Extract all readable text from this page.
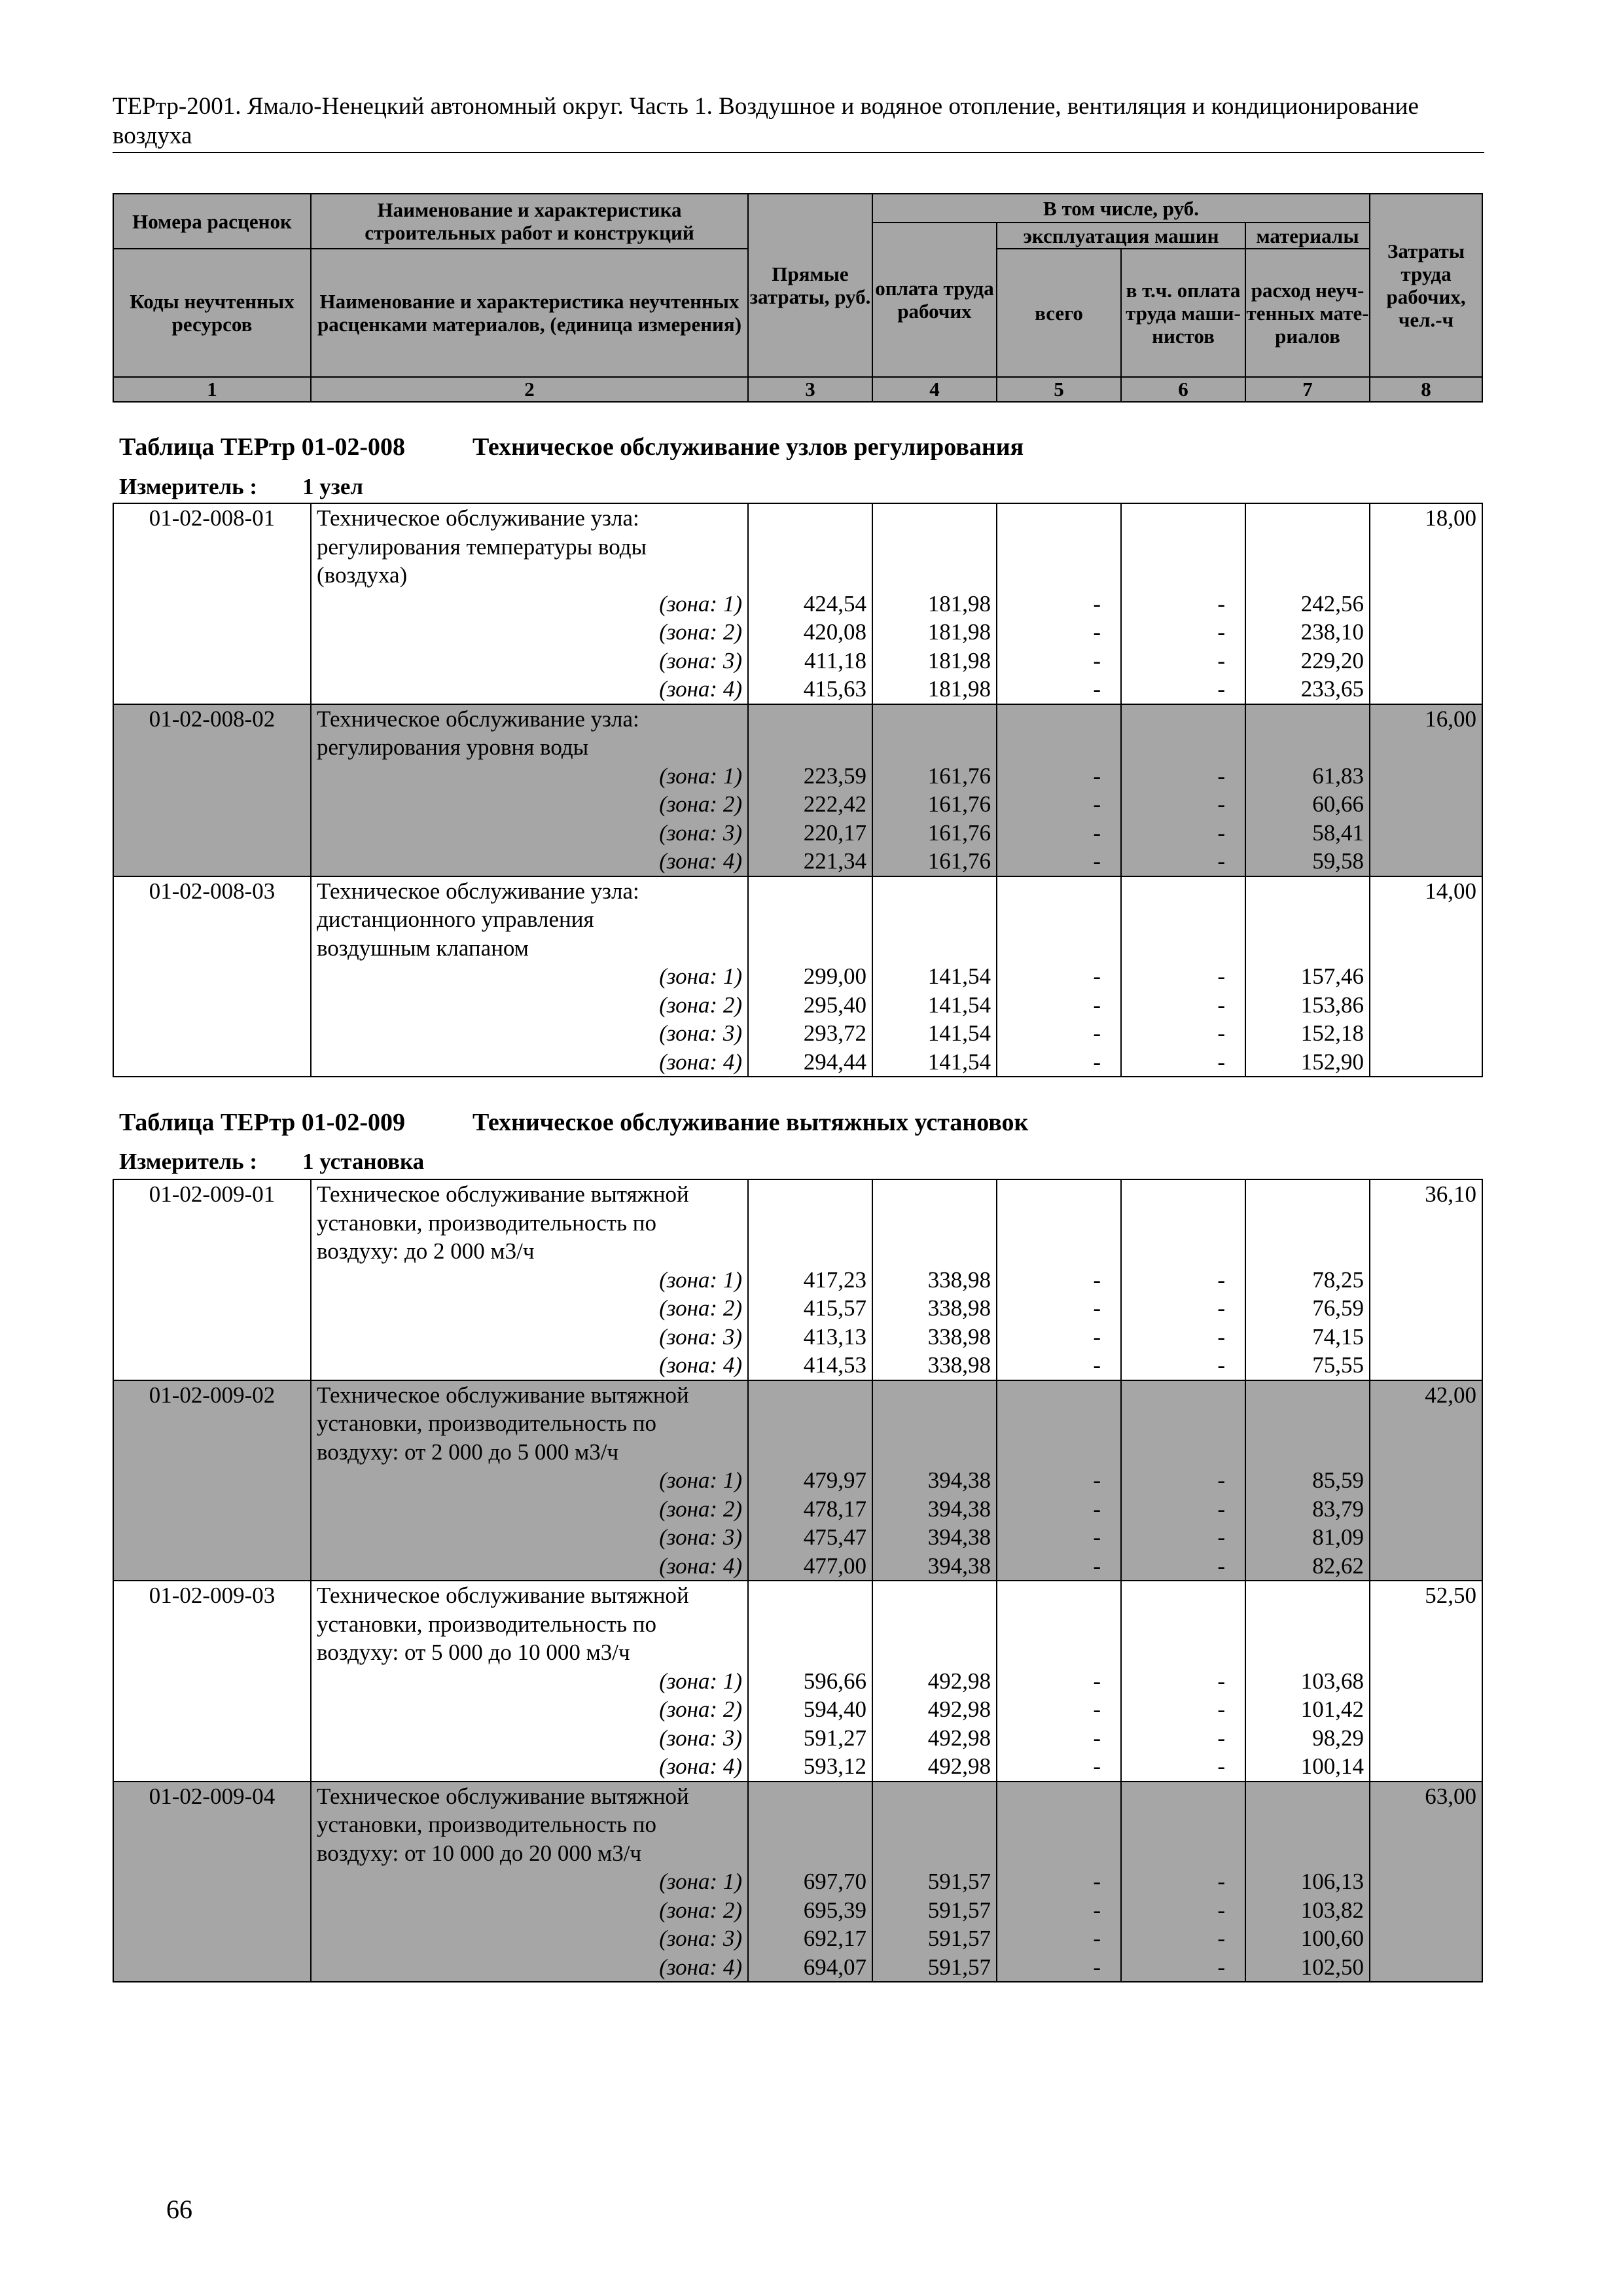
ТЕРтр-2001. Ямало-Ненецкий автономный округ. Часть 1. Воздушное и водяное отопление, вентиляция и кондиционирование воздуха
Номера расценок	Наименование и характеристика строительных работ и конструкций	Прямые затраты, руб.	В том числе, руб.				Затраты труда рабочих, чел.-ч
			оплата труда рабочих	эксплуатация машин		материалы	
Коды неучтенных ресурсов	Наименование и характеристика неучтенных расценками материалов, (единица измерения)			всего	в т.ч. оплата труда маши-нистов	расход неуч-тенных мате-риалов	

1	2	3	4	5	6	7	8
Таблица ТЕРтр 01-02-008	Техническое обслуживание узлов регулирования
Измеритель : 1 узел
01-02-008-01	Техническое обслуживание узла:						18,00
	регулирования температуры воды						
	(воздуха)						
	(зона: 1)	424,54	181,98	-	-	242,56	
	(зона: 2)	420,08	181,98	-	-	238,10	
	(зона: 3)	411,18	181,98	-	-	229,20	
	(зона: 4)	415,63	181,98	-	-	233,65	
01-02-008-02	Техническое обслуживание узла:						16,00
	регулирования уровня воды						
	(зона: 1)	223,59	161,76	-	-	61,83	
	(зона: 2)	222,42	161,76	-	-	60,66	
	(зона: 3)	220,17	161,76	-	-	58,41	
	(зона: 4)	221,34	161,76	-	-	59,58	
01-02-008-03	Техническое обслуживание узла:						14,00
	дистанционного управления						
	воздушным клапаном						
	(зона: 1)	299,00	141,54	-	-	157,46	
	(зона: 2)	295,40	141,54	-	-	153,86	
	(зона: 3)	293,72	141,54	-	-	152,18	
	(зона: 4)	294,44	141,54	-	-	152,90	
Таблица ТЕРтр 01-02-009	Техническое обслуживание вытяжных установок
Измеритель : 1 установка
01-02-009-01	Техническое обслуживание вытяжной						36,10
	установки, производительность по						
	воздуху: до 2 000 м3/ч						
	(зона: 1)	417,23	338,98	-	-	78,25	
	(зона: 2)	415,57	338,98	-	-	76,59	
	(зона: 3)	413,13	338,98	-	-	74,15	
	(зона: 4)	414,53	338,98	-	-	75,55	
01-02-009-02	Техническое обслуживание вытяжной						42,00
	установки, производительность по						
	воздуху: от 2 000 до 5 000 м3/ч						
	(зона: 1)	479,97	394,38	-	-	85,59	
	(зона: 2)	478,17	394,38	-	-	83,79	
	(зона: 3)	475,47	394,38	-	-	81,09	
	(зона: 4)	477,00	394,38	-	-	82,62	
01-02-009-03	Техническое обслуживание вытяжной						52,50
	установки, производительность по						
	воздуху: от 5 000 до 10 000 м3/ч						
	(зона: 1)	596,66	492,98	-	-	103,68	
	(зона: 2)	594,40	492,98	-	-	101,42	
	(зона: 3)	591,27	492,98	-	-	98,29	
	(зона: 4)	593,12	492,98	-	-	100,14	
01-02-009-04	Техническое обслуживание вытяжной						63,00
	установки, производительность по						
	воздуху: от 10 000 до 20 000 м3/ч						
	(зона: 1)	697,70	591,57	-	-	106,13	
	(зона: 2)	695,39	591,57	-	-	103,82	
	(зона: 3)	692,17	591,57	-	-	100,60	
	(зона: 4)	694,07	591,57	-	-	102,50	
66
